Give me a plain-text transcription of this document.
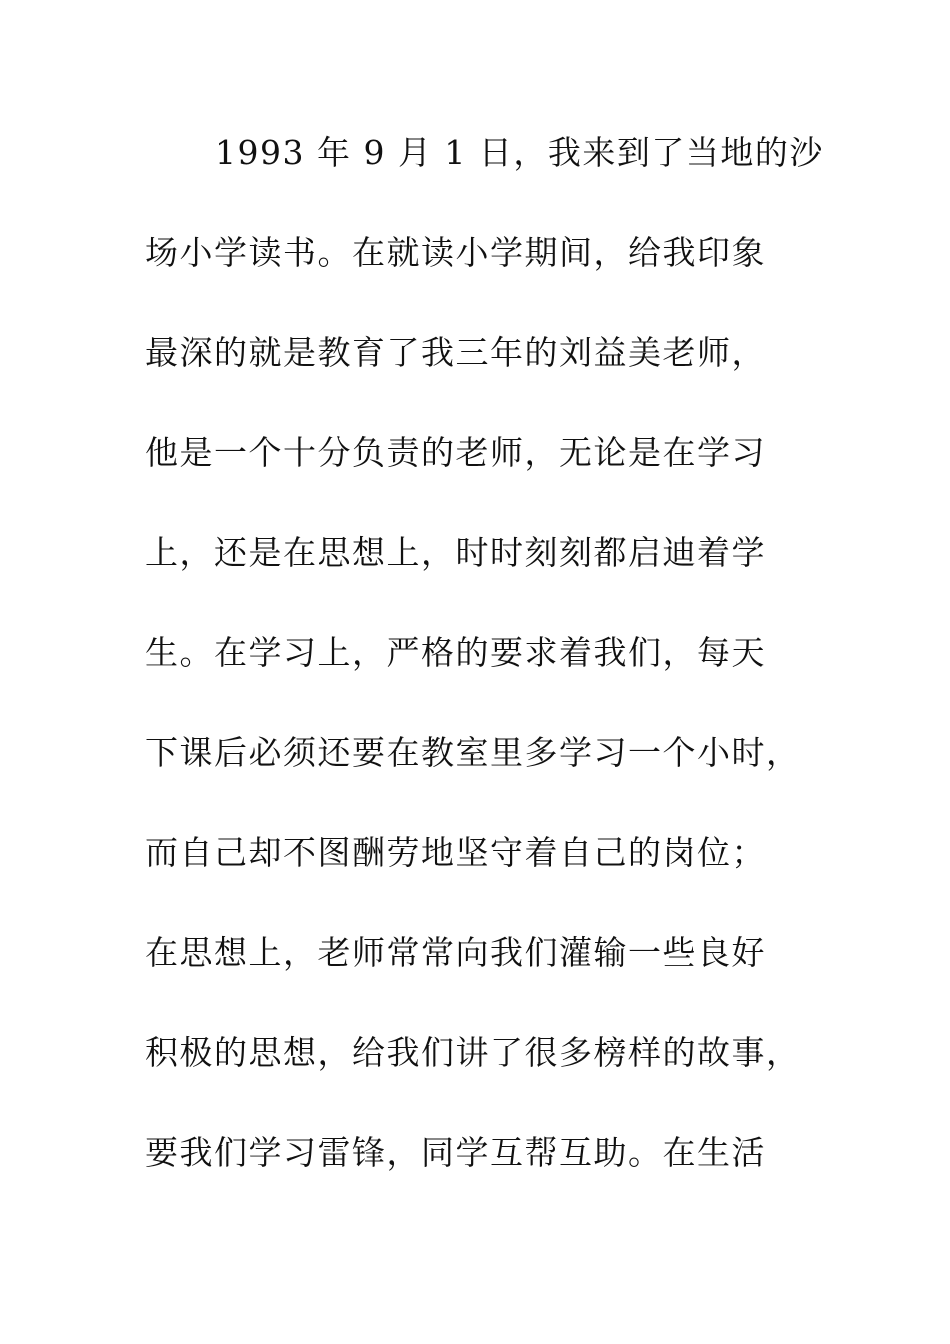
1993 年 9 月 1 日，我来到了当地的沙
场小学读书。在就读小学期间，给我印象
最深的就是教育了我三年的刘益美老师，
他是一个十分负责的老师，无论是在学习
上，还是在思想上，时时刻刻都启迪着学
生。在学习上，严格的要求着我们，每天
下课后必须还要在教室里多学习一个小时，
而自己却不图酬劳地坚守着自己的岗位；
在思想上，老师常常向我们灌输一些良好
积极的思想，给我们讲了很多榜样的故事，
要我们学习雷锋，同学互帮互助。在生活
